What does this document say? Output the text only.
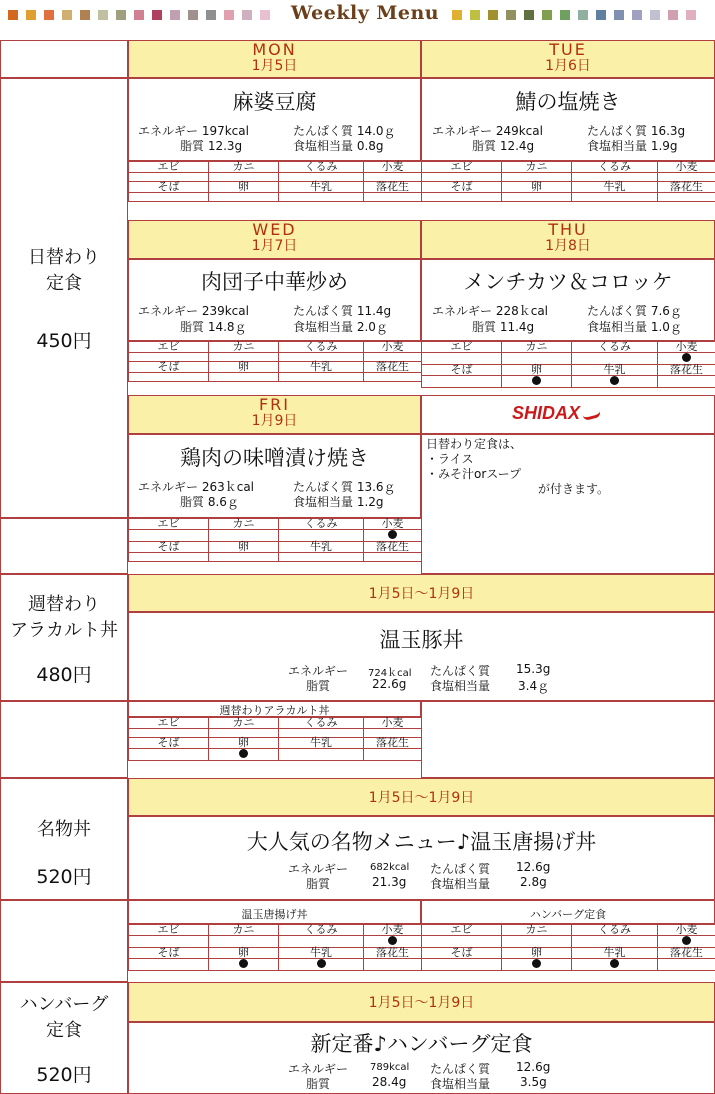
Weekly Menu
日替わり
定食
450円
MON
1月5日
麻婆豆腐
エネルギー 197kcal	たんぱく質 14.0ｇ
脂質 12.3g	食塩相当量 0.8g
TUE
1月6日
鯖の塩焼き
エネルギー 249kcal	たんぱく質 16.3g
脂質 12.4g	食塩相当量 1.9g
エビ	カニ	くるみ	小麦

そば	卵	牛乳	落花生

エビ	カニ	くるみ	小麦

そば	卵	牛乳	落花生

WED
1月7日
肉団子中華炒め
エネルギー 239kcal	たんぱく質 11.4g
脂質 14.8ｇ	食塩相当量 2.0ｇ
THU
1月8日
メンチカツ＆コロッケ
エネルギー 228ｋcal	たんぱく質 7.6ｇ
脂質 11.4g	食塩相当量 1.0ｇ
エビ	カニ	くるみ	小麦

そば	卵	牛乳	落花生

エビ	カニ	くるみ	小麦

そば	卵	牛乳	落花生

FRI
1月9日
鶏肉の味噌漬け焼き
エネルギー 263ｋcal	たんぱく質 13.6ｇ
脂質 8.6ｇ	食塩相当量 1.2g
エビ	カニ	くるみ	小麦

そば	卵	牛乳	落花生

SHIDAX
日替わり定食は、
・ライス
・みそ汁orスープ
が付きます。
週替わり
アラカルト丼
480円
1月5日～1月9日
温玉豚丼
エネルギー 724ｋcal たんぱく質 15.3g
脂質	22.6g 食塩相当量 3.4ｇ
週替わりアラカルト丼
エビ	カニ	くるみ	小麦

そば	卵	牛乳	落花生

名物丼
520円
1月5日～1月9日
大人気の名物メニュー♪温玉唐揚げ丼
エネルギー 682kcal たんぱく質 12.6g
脂質	21.3g 食塩相当量 2.8g
温玉唐揚げ丼	ハンバーグ定食
エビ	カニ	くるみ	小麦

そば	卵	牛乳	落花生

エビ	カニ	くるみ	小麦

そば	卵	牛乳	落花生

ハンバーグ
定食
520円
1月5日～1月9日
新定番♪ハンバーグ定食
エネルギー 789kcal たんぱく質 12.6g
脂質	28.4g 食塩相当量 3.5g
